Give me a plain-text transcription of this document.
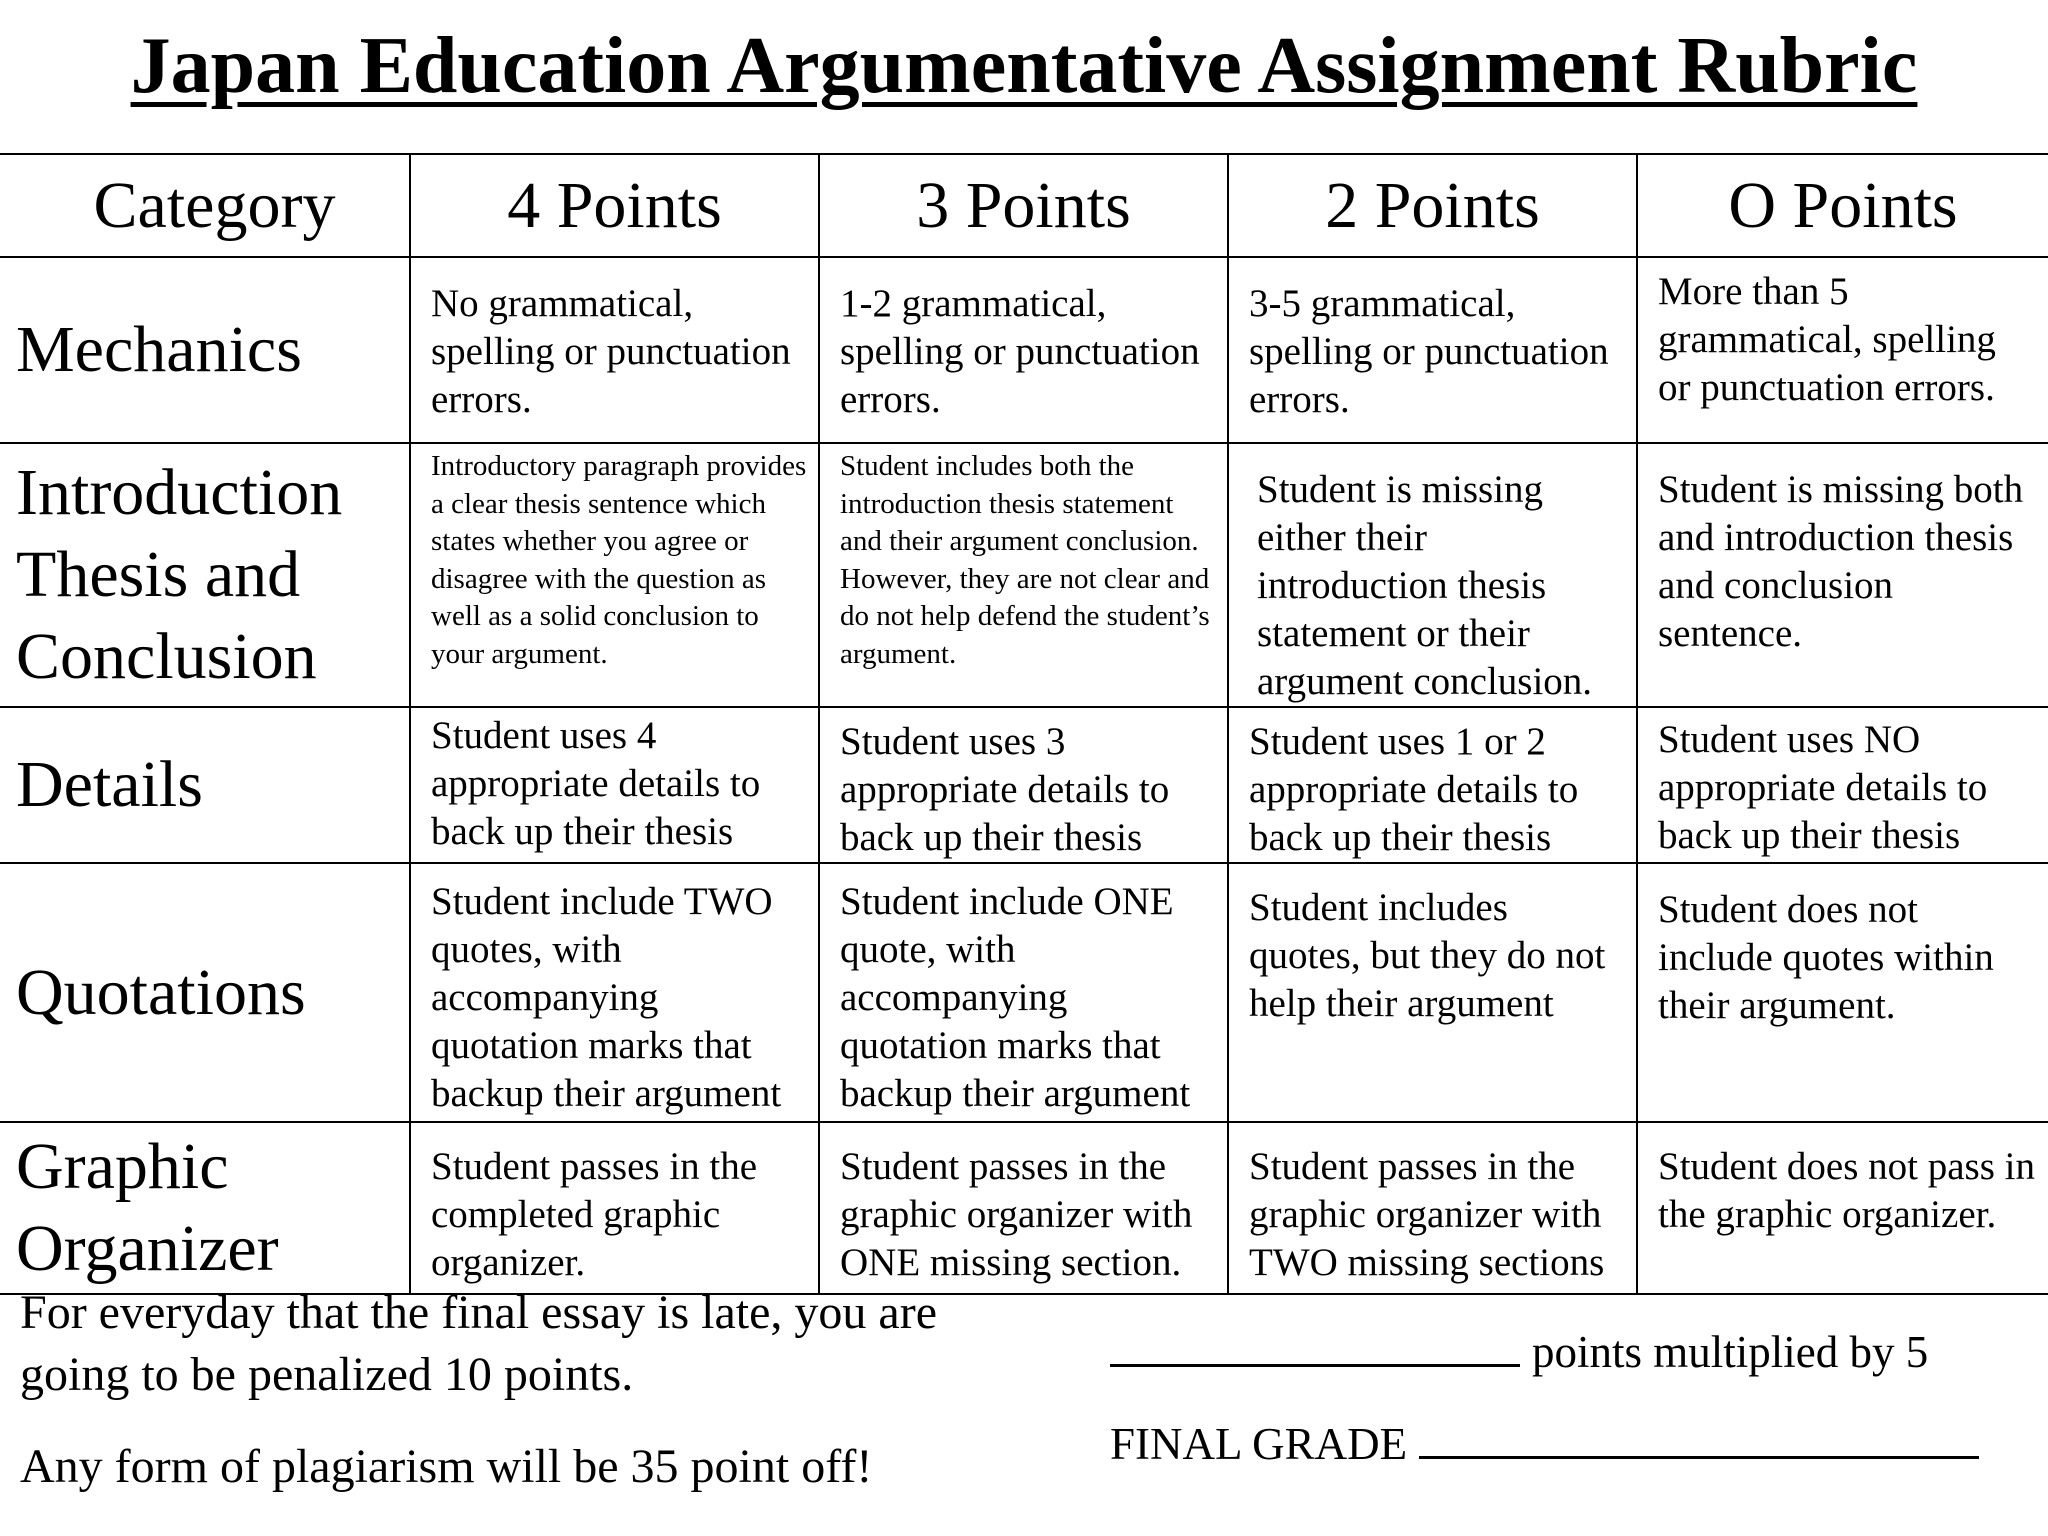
Japan Education Argumentative Assignment Rubric
Category	4 Points	3 Points	2 Points	O Points
Mechanics	No grammatical, spelling or punctuation errors.	1-2 grammatical, spelling or punctuation errors.	3-5 grammatical, spelling or punctuation errors.	More than 5 grammatical, spelling or punctuation errors.
Introduction Thesis and Conclusion	Introductory paragraph provides a clear thesis sentence which states whether you agree or disagree with the question as well as a solid conclusion to your argument.	Student includes both the introduction thesis statement and their argument conclusion. However, they are not clear and do not help defend the student’s argument.	Student is missing either their introduction thesis statement or their argument conclusion.	Student is missing both and introduction thesis and conclusion sentence.
Details	Student uses 4 appropriate details to back up their thesis	Student uses 3 appropriate details to back up their thesis	Student uses 1 or 2 appropriate details to back up their thesis	Student uses NO appropriate details to back up their thesis
Quotations	Student include TWO quotes, with accompanying quotation marks that backup their argument	Student include ONE quote, with accompanying quotation marks that backup their argument	Student includes quotes, but they do not help their argument	Student does not include quotes within their argument.
Graphic Organizer	Student passes in the completed graphic organizer.	Student passes in the graphic organizer with ONE missing section.	Student passes in the graphic organizer with TWO missing sections	Student does not pass in the graphic organizer.
For everyday that the final essay is late, you are going to be penalized 10 points.
Any form of plagiarism will be 35 point off!
points multiplied by 5
FINAL GRADE
